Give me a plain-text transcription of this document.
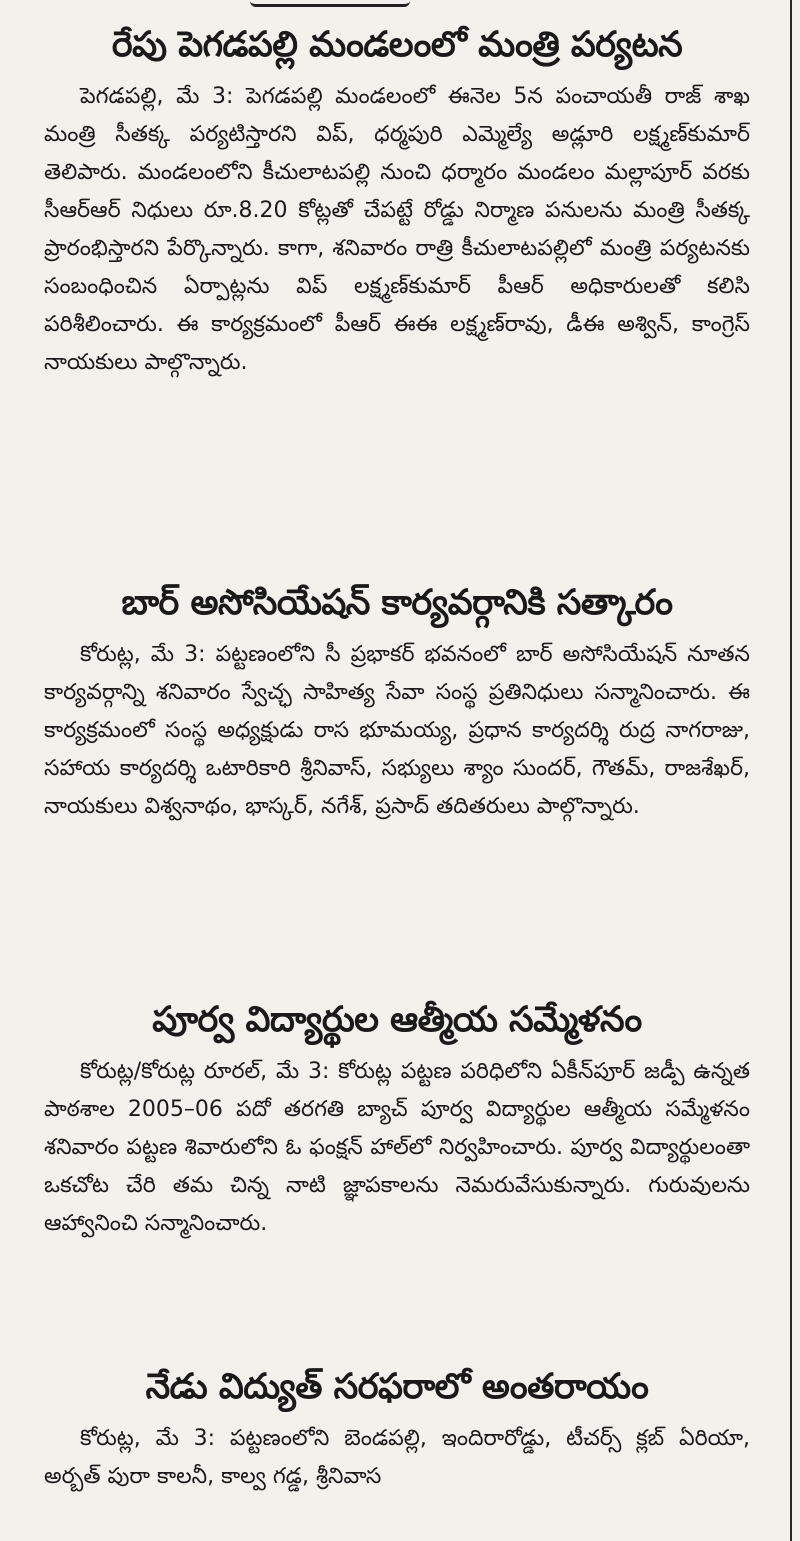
రేపు పెగడపల్లి మండలంలో మంత్రి పర్యటన

పెగడపల్లి, మే 3: పెగడపల్లి మండలంలో ఈనెల 5న పంచాయతీ రాజ్ శాఖ మంత్రి సీతక్క పర్యటిస్తారని విప్, ధర్మపురి ఎమ్మెల్యే అడ్లూరి లక్ష్మణ్‌కుమార్ తెలిపారు. మండలంలోని కీచులాటపల్లి నుంచి ధర్మారం మండలం మల్లాపూర్ వరకు సీఆర్ఆర్ నిధులు రూ.8.20 కోట్లతో చేపట్టే రోడ్డు నిర్మాణ పనులను మంత్రి సీతక్క ప్రారంభిస్తారని పేర్కొన్నారు. కాగా, శనివారం రాత్రి కీచులాటపల్లిలో మంత్రి పర్యటనకు సంబంధించిన ఏర్పాట్లను విప్ లక్ష్మణ్‌కుమార్ పీఆర్ అధికారులతో కలిసి పరిశీలించారు. ఈ కార్యక్రమంలో పీఆర్ ఈఈ లక్ష్మణ్‌రావు, డీఈ అశ్విన్, కాంగ్రెస్ నాయకులు పాల్గొన్నారు.

బార్ అసోసియేషన్ కార్యవర్గానికి సత్కారం

కోరుట్ల, మే 3: పట్టణంలోని సీ ప్రభాకర్ భవనంలో బార్ అసోసియేషన్ నూతన కార్యవర్గాన్ని శనివారం స్వేచ్ఛ సాహిత్య సేవా సంస్థ ప్రతినిధులు సన్మానించారు. ఈ కార్యక్రమంలో సంస్థ అధ్యక్షుడు రాస భూమయ్య, ప్రధాన కార్యదర్శి రుద్ర నాగరాజు, సహాయ కార్యదర్శి ఒటారికారి శ్రీనివాస్, సభ్యులు శ్యాం సుందర్, గౌతమ్, రాజశేఖర్, నాయకులు విశ్వనాథం, భాస్కర్, నగేశ్, ప్రసాద్ తదితరులు పాల్గొన్నారు.

పూర్వ విద్యార్థుల ఆత్మీయ సమ్మేళనం

కోరుట్ల/కోరుట్ల రూరల్, మే 3: కోరుట్ల పట్టణ పరిధిలోని ఏకీన్‌పూర్ జడ్పీ ఉన్నత పాఠశాల 2005–06 పదో తరగతి బ్యాచ్ పూర్వ విద్యార్థుల ఆత్మీయ సమ్మేళనం శనివారం పట్టణ శివారులోని ఓ ఫంక్షన్ హాల్‌లో నిర్వహించారు. పూర్వ విద్యార్థులంతా ఒకచోట చేరి తమ చిన్న నాటి జ్ఞాపకాలను నెమరువేసుకున్నారు. గురువులను ఆహ్వానించి సన్మానించారు.

నేడు విద్యుత్ సరఫరాలో అంతరాయం

కోరుట్ల, మే 3: పట్టణంలోని బెండపల్లి, ఇందిరారోడ్డు, టీచర్స్ క్లబ్ ఏరియా, అర్బత్ పురా కాలనీ, కాల్వ గడ్డ, శ్రీనివాస
